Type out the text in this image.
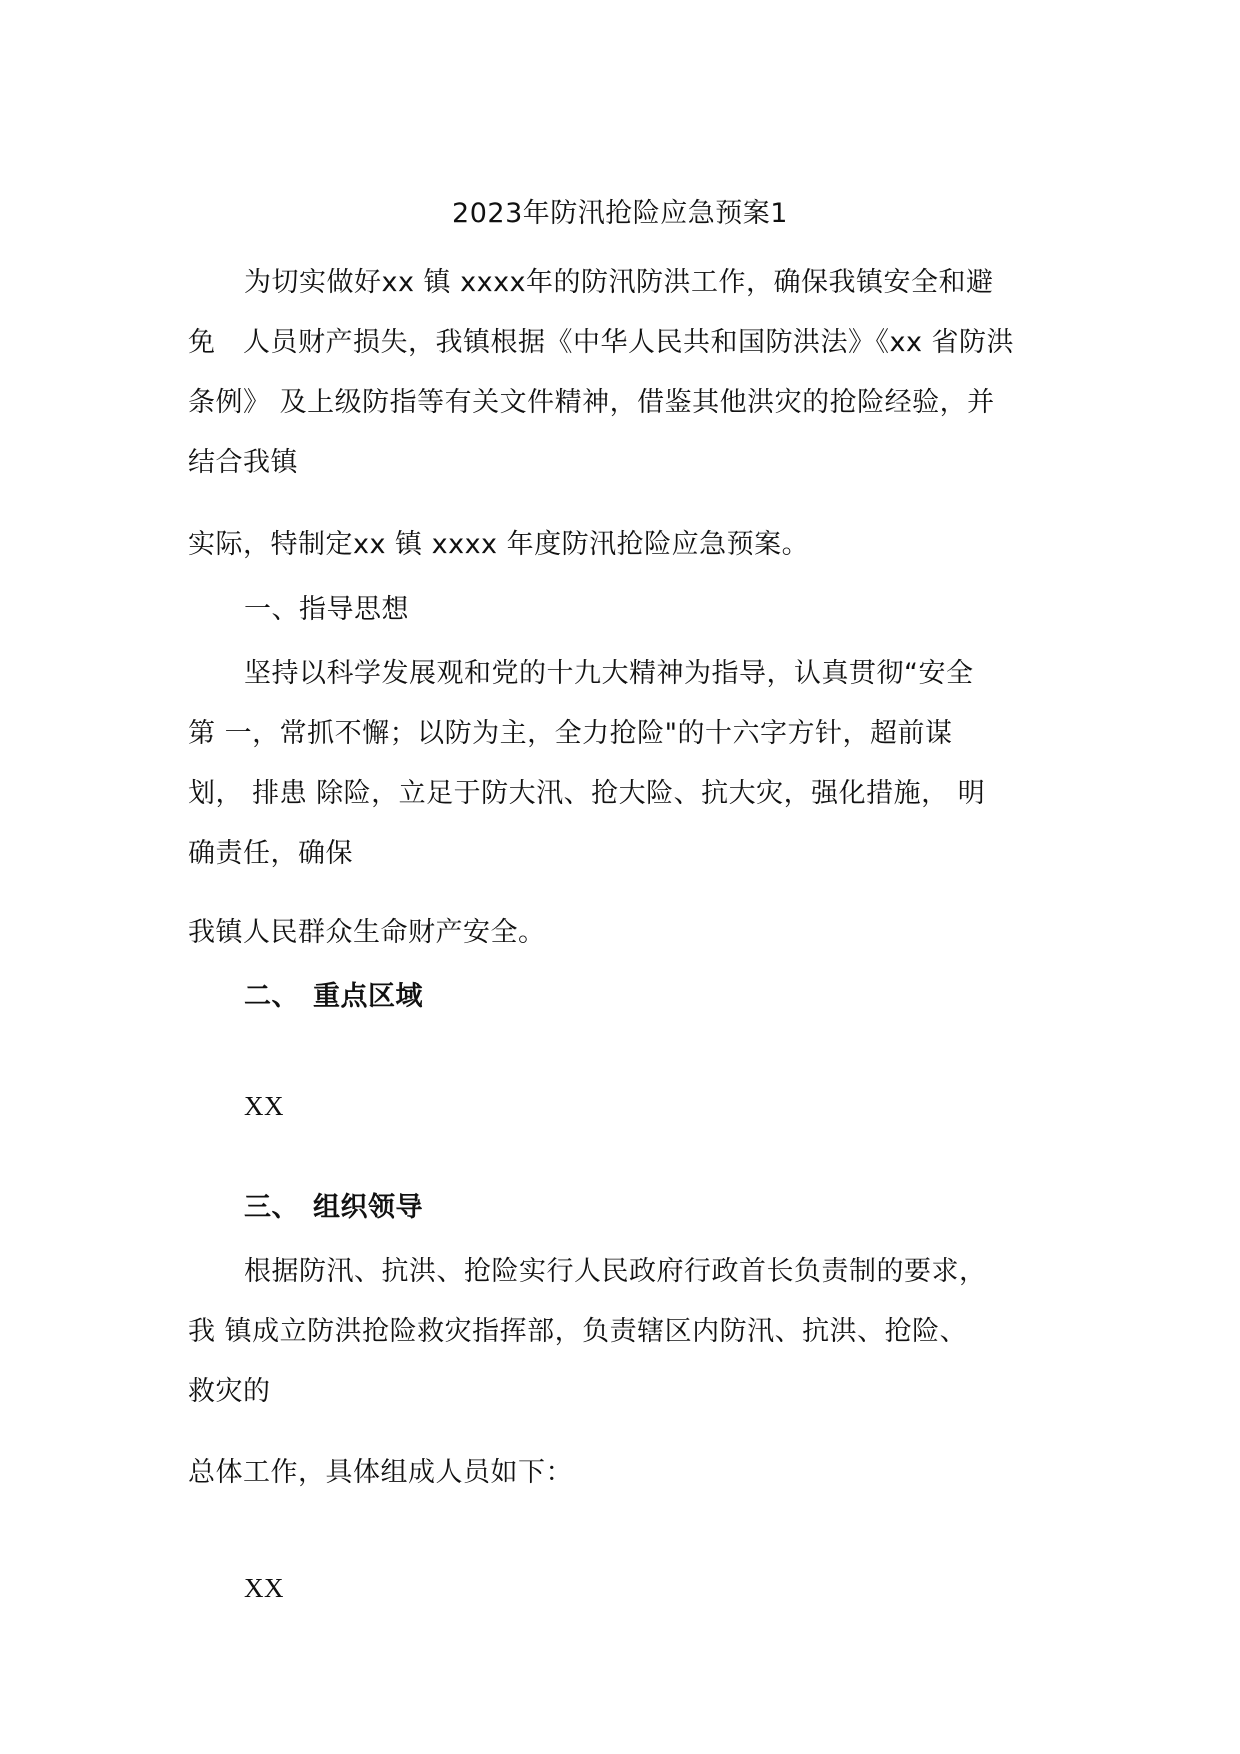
2023年防汛抢险应急预案1
为切实做好xx 镇 xxxx年的防汛防洪工作，确保我镇安全和避
免　人员财产损失，我镇根据《中华人民共和国防洪法》《xx 省防洪
条例》 及上级防指等有关文件精神，借鉴其他洪灾的抢险经验，并
结合我镇
实际，特制定xx 镇 xxxx 年度防汛抢险应急预案。
一、指导思想
坚持以科学发展观和党的十九大精神为指导，认真贯彻“安全
第 一，常抓不懈；以防为主，全力抢险"的十六字方针，超前谋
划， 排患 除险，立足于防大汛、抢大险、抗大灾，强化措施， 明
确责任，确保
我镇人民群众生命财产安全。
二、　重点区域
XX
三、　组织领导
根据防汛、抗洪、抢险实行人民政府行政首长负责制的要求，
我 镇成立防洪抢险救灾指挥部，负责辖区内防汛、抗洪、抢险、
救灾的
总体工作，具体组成人员如下：
XX
